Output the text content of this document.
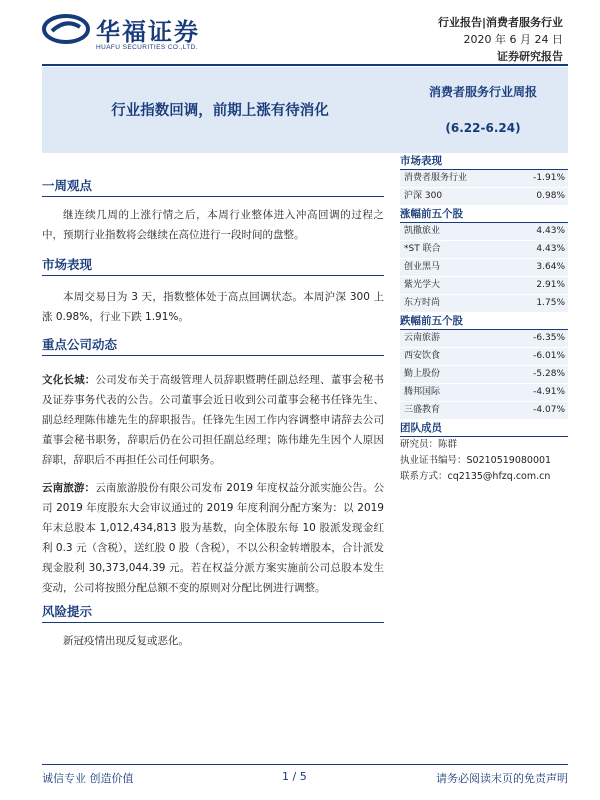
华福证券
HUAFU SECURITIES CO.,LTD.
行业报告|消费者服务行业
2020 年 6 月 24 日
证券研究报告
行业指数回调，前期上涨有待消化
消费者服务行业周报
(6.22-6.24)
一周观点
继连续几周的上涨行情之后，本周行业整体进入冲高回调的过程之中，预期行业指数将会继续在高位进行一段时间的盘整。
市场表现
本周交易日为 3 天，指数整体处于高点回调状态。本周沪深 300 上涨 0.98%，行业下跌 1.91%。
重点公司动态
文化长城：公司发布关于高级管理人员辞职暨聘任副总经理、董事会秘书及证券事务代表的公告。公司董事会近日收到公司董事会秘书任锋先生、副总经理陈伟雄先生的辞职报告。任锋先生因工作内容调整申请辞去公司董事会秘书职务，辞职后仍在公司担任副总经理；陈伟雄先生因个人原因辞职，辞职后不再担任公司任何职务。
云南旅游：云南旅游股份有限公司发布 2019 年度权益分派实施公告。公司 2019 年度股东大会审议通过的 2019 年度利润分配方案为：以 2019 年末总股本 1,012,434,813 股为基数，向全体股东每 10 股派发现金红利 0.3 元（含税），送红股 0 股（含税），不以公积金转增股本，合计派发现金股利 30,373,044.39 元。若在权益分派方案实施前公司总股本发生变动，公司将按照分配总额不变的原则对分配比例进行调整。
风险提示
新冠疫情出现反复或恶化。
市场表现
消费者服务行业	-1.91%
沪深 300	0.98%
涨幅前五个股
凯撒旅业	4.43%
*ST 联合	4.43%
创业黑马	3.64%
紫光学大	2.91%
东方时尚	1.75%
跌幅前五个股
云南旅游	-6.35%
西安饮食	-6.01%
勤上股份	-5.28%
腾邦国际	-4.91%
三盛教育	-4.07%
团队成员
研究员：陈群
执业证书编号：S0210519080001
联系方式：cq2135@hfzq.com.cn
诚信专业 创造价值	1 / 5	请务必阅读末页的免责声明
